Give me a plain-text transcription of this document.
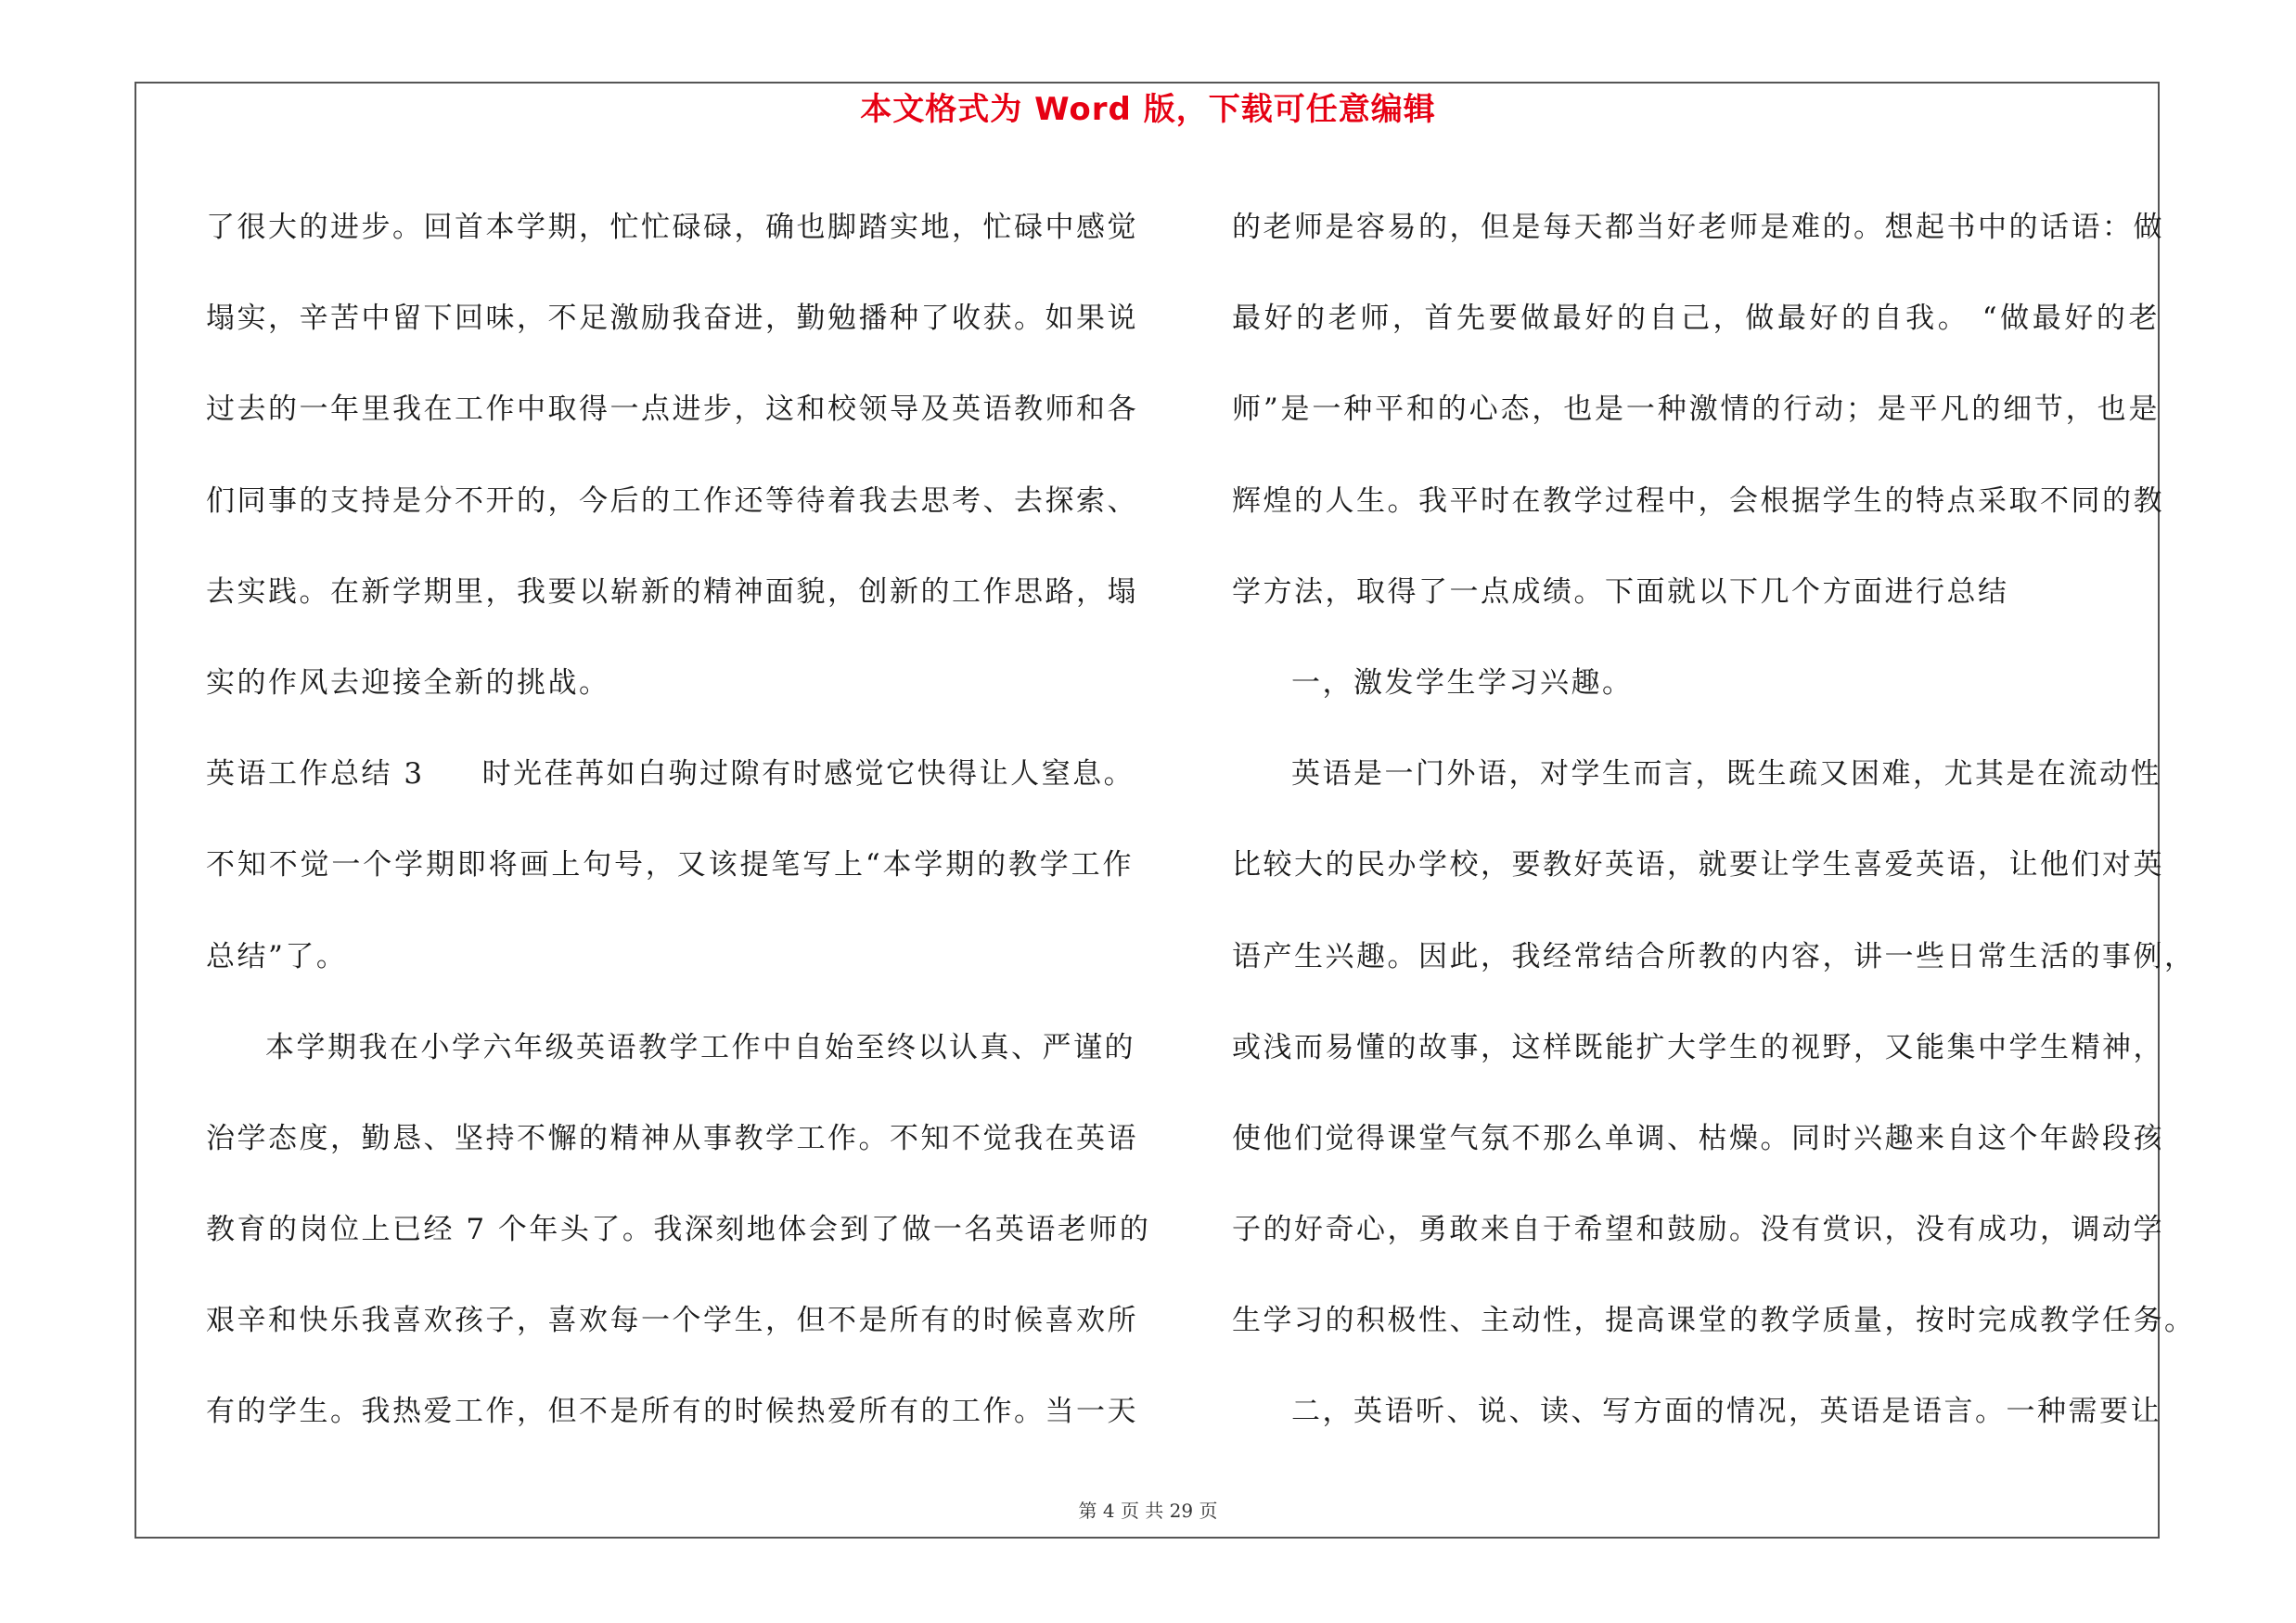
本文格式为 Word 版，下载可任意编辑
了很大的进步。回首本学期，忙忙碌碌，确也脚踏实地，忙碌中感觉
塌实，辛苦中留下回味，不足激励我奋进，勤勉播种了收获。如果说
过去的一年里我在工作中取得一点进步，这和校领导及英语教师和各
们同事的支持是分不开的，今后的工作还等待着我去思考、去探索、
去实践。在新学期里，我要以崭新的精神面貌，创新的工作思路，塌
实的作风去迎接全新的挑战。
英语工作总结 3 时光荏苒如白驹过隙有时感觉它快得让人窒息。
不知不觉一个学期即将画上句号，又该提笔写上“本学期的教学工作
总结”了。
本学期我在小学六年级英语教学工作中自始至终以认真、严谨的
治学态度，勤恳、坚持不懈的精神从事教学工作。不知不觉我在英语
教育的岗位上已经 7 个年头了。我深刻地体会到了做一名英语老师的
艰辛和快乐我喜欢孩子，喜欢每一个学生，但不是所有的时候喜欢所
有的学生。我热爱工作，但不是所有的时候热爱所有的工作。当一天
的老师是容易的，但是每天都当好老师是难的。想起书中的话语：做
最好的老师，首先要做最好的自己，做最好的自我。 “做最好的老
师”是一种平和的心态，也是一种激情的行动；是平凡的细节，也是
辉煌的人生。我平时在教学过程中，会根据学生的特点采取不同的教
学方法，取得了一点成绩。下面就以下几个方面进行总结
一，激发学生学习兴趣。
英语是一门外语，对学生而言，既生疏又困难，尤其是在流动性
比较大的民办学校，要教好英语，就要让学生喜爱英语，让他们对英
语产生兴趣。因此，我经常结合所教的内容，讲一些日常生活的事例，
或浅而易懂的故事，这样既能扩大学生的视野，又能集中学生精神，
使他们觉得课堂气氛不那么单调、枯燥。同时兴趣来自这个年龄段孩
子的好奇心，勇敢来自于希望和鼓励。没有赏识，没有成功，调动学
生学习的积极性、主动性，提高课堂的教学质量，按时完成教学任务。
二，英语听、说、读、写方面的情况，英语是语言。一种需要让
第 4 页 共 29 页
